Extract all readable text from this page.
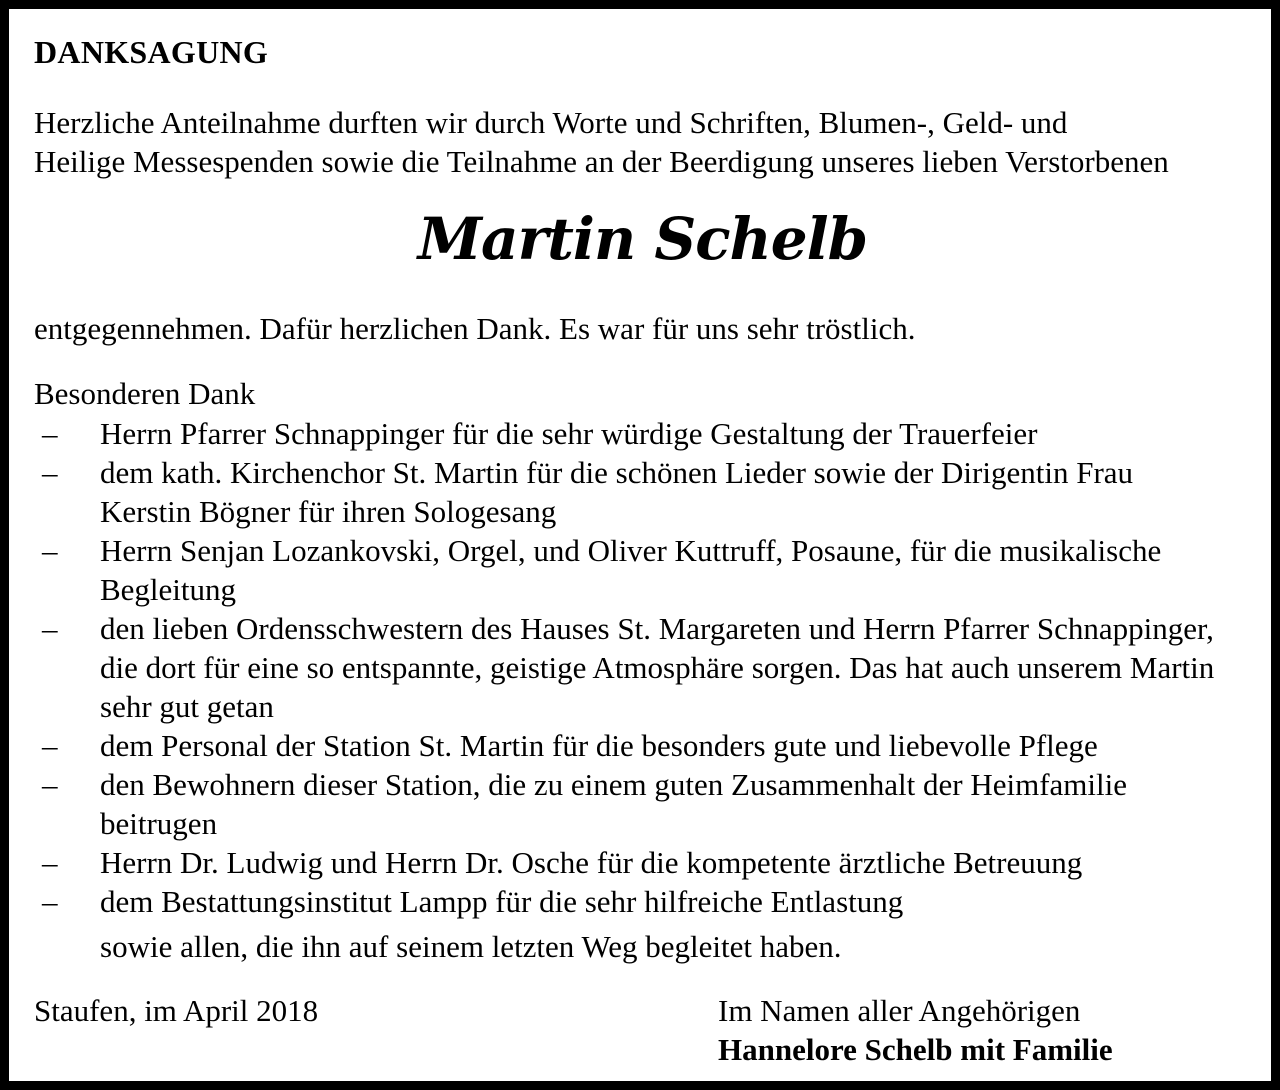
DANKSAGUNG
Herzliche Anteilnahme durften wir durch Worte und Schriften, Blumen-, Geld- und
Heilige Messespenden sowie die Teilnahme an der Beerdigung unseres lieben Verstorbenen
Martin Schelb
entgegennehmen. Dafür herzlichen Dank. Es war für uns sehr tröstlich.
Besonderen Dank
– Herrn Pfarrer Schnappinger für die sehr würdige Gestaltung der Trauerfeier
– dem kath. Kirchenchor St. Martin für die schönen Lieder sowie der Dirigentin Frau
Kerstin Bögner für ihren Sologesang
– Herrn Senjan Lozankovski, Orgel, und Oliver Kuttruff, Posaune, für die musikalische
Begleitung
– den lieben Ordensschwestern des Hauses St. Margareten und Herrn Pfarrer Schnappinger,
die dort für eine so entspannte, geistige Atmosphäre sorgen. Das hat auch unserem Martin
sehr gut getan
– dem Personal der Station St. Martin für die besonders gute und liebevolle Pflege
– den Bewohnern dieser Station, die zu einem guten Zusammenhalt der Heimfamilie
beitrugen
– Herrn Dr. Ludwig und Herrn Dr. Osche für die kompetente ärztliche Betreuung
– dem Bestattungsinstitut Lampp für die sehr hilfreiche Entlastung
sowie allen, die ihn auf seinem letzten Weg begleitet haben.
Staufen, im April 2018	Im Namen aller Angehörigen
Hannelore Schelb mit Familie
